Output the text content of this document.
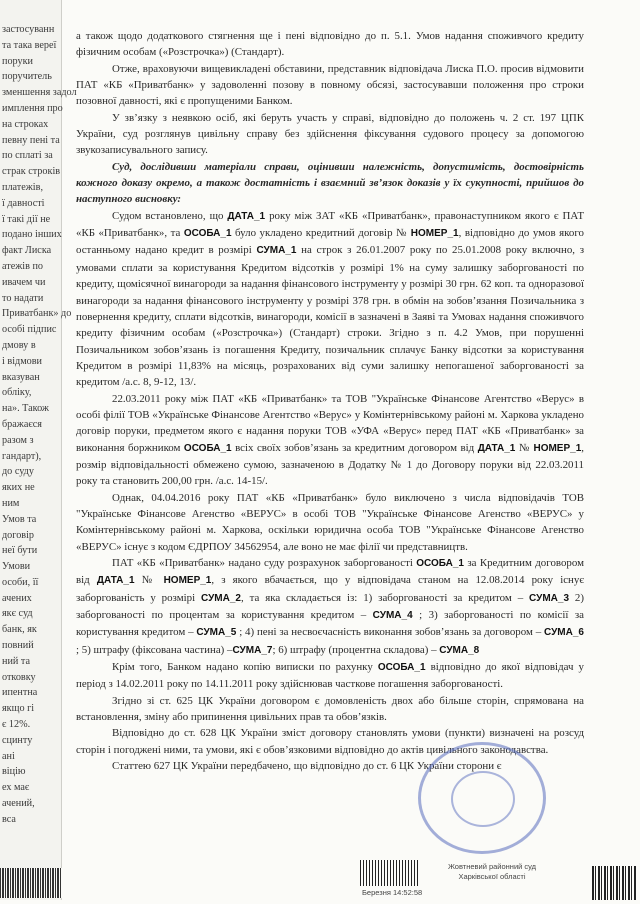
застосуванн
та така вереї
поруки
поручитель
зменшення задол
имплення про
на строках
певну пені та
по сплаті за
страк строків
платежів,
ї давності
ї такі дії не
подано інших
факт Лиска
атежів по
ивачем чи
то надати
Приватбанк» до
особі підпис
дмову в
і відмови
вказуван
обліку,
на». Також
бражаєся
разом з
гандарт),
до суду
яких не
ним
Умов та
договір
неї бути
Умови
особи, її
ачених
якє суд
банк, як
повний
ний та
отковку
ипентна
якщо гі
є 12%.
сцинту
ані
віцію
ех має
ачений,
вса

а також щодо додаткового стягнення ще і пені відповідно до п. 5.1. Умов надання споживчого кредиту фізичним особам («Розстрочка») (Стандарт).

Отже, враховуючи вищевикладені обставини, представник відповідача Лиска П.О. просив відмовити ПАТ «КБ «Приватбанк» у задоволенні позову в повному обсязі, застосувавши положення про строки позовної давності, які є пропущеними Банком.

У зв’язку з неявкою осіб, які беруть участь у справі, відповідно до положень ч. 2 ст. 197 ЦПК України, суд розглянув цивільну справу без здійснення фіксування судового процесу за допомогою звукозаписувального запису.

Суд, дослідивши матеріали справи, оцінивши належність, допустимість, достовірність кожного доказу окремо, а також достатність і взаємний зв’язок доказів у їх сукупності, прийшов до наступного висновку:

Судом встановлено, що ДАТА_1 року між ЗАТ «КБ «Приватбанк», правонаступником якого є ПАТ «КБ «Приватбанк», та ОСОБА_1 було укладено кредитний договір № НОМЕР_1, відповідно до умов якого останньому надано кредит в розмірі СУМА_1 на строк з 26.01.2007 року по 25.01.2008 року включно, з умовами сплати за користування Кредитом відсотків у розмірі 1% на суму залишку заборгованості по кредиту, щомісячної винагороди за надання фінансового інструменту у розмірі 30 грн. 62 коп. та одноразової винагороди за надання фінансового інструменту у розмірі 378 грн. в обмін на зобов’язання Позичальника з повернення кредиту, сплати відсотків, винагороди, комісії в зазначені в Заяві та Умовах надання споживчого кредиту фізичним особам («Розстрочка») (Стандарт) строки. Згідно з п. 4.2 Умов, при порушенні Позичальником зобов’язань із погашення Кредиту, позичальник сплачує Банку відсотки за користування Кредитом в розмірі 11,83% на місяць, розрахованих від суми залишку непогашеної заборгованості за кредитом /а.с. 8, 9-12, 13/.

22.03.2011 року між ПАТ «КБ «Приватбанк» та ТОВ "Українське Фінансове Агентство «Верус» в особі філії ТОВ «Українське Фінансове Агентство «Верус» у Комінтернівському районі м. Харкова укладено договір поруки, предметом якого є надання поруки ТОВ «УФА «Верус» перед ПАТ «КБ «Приватбанк» за виконання боржником ОСОБА_1 всіх своїх зобов’язань за кредитним договором від ДАТА_1 № НОМЕР_1, розмір відповідальності обмежено сумою, зазначеною в Додатку № 1 до Договору поруки від 22.03.2011 року та становить 200,00 грн. /а.с. 14-15/.

Однак, 04.04.2016 року ПАТ «КБ «Приватбанк» було виключено з числа відповідачів ТОВ "Українське Фінансове Агенство «ВЕРУС» в особі ТОВ "Українське Фінансове Агенство «ВЕРУС» у Комінтернівському районі м. Харкова, оскільки юридична особа ТОВ "Українське Фінансове Агенство «ВЕРУС» існує з кодом ЄДРПОУ 34562954, але воно не має філії чи представництв.

ПАТ «КБ «Приватбанк» надано суду розрахунок заборгованості ОСОБА_1 за Кредитним договором від ДАТА_1 № НОМЕР_1, з якого вбачається, що у відповідача станом на 12.08.2014 року існує заборгованість у розмірі СУМА_2, та яка складається із: 1) заборгованості за кредитом – СУМА_3 2) заборгованості по процентам за користування кредитом – СУМА_4 ; 3) заборгованості по комісії за користування кредитом – СУМА_5 ; 4) пені за несвоєчасність виконання зобов’язань за договором – СУМА_6 ; 5) штрафу (фіксована частина) –СУМА_7; 6) штрафу (процентна складова) – СУМА_8

Крім того, Банком надано копію виписки по рахунку ОСОБА_1 відповідно до якої відповідач у період з 14.02.2011 року по 14.11.2011 року здійснював часткове погашення заборгованості.

Згідно зі ст. 625 ЦК України договором є домовленість двох або більше сторін, спрямована на встановлення, зміну або припинення цивільних прав та обов’язків.

Відповідно до ст. 628 ЦК України зміст договору становлять умови (пункти) визначені на розсуд сторін і погоджені ними, та умови, які є обов’язковими відповідно до актів цивільного законодавства.

Статтею 627 ЦК України передбачено, що відповідно до ст. 6 ЦК України сторони є

Березня 14:52:58
Жовтневий районний суд
Харківської області
